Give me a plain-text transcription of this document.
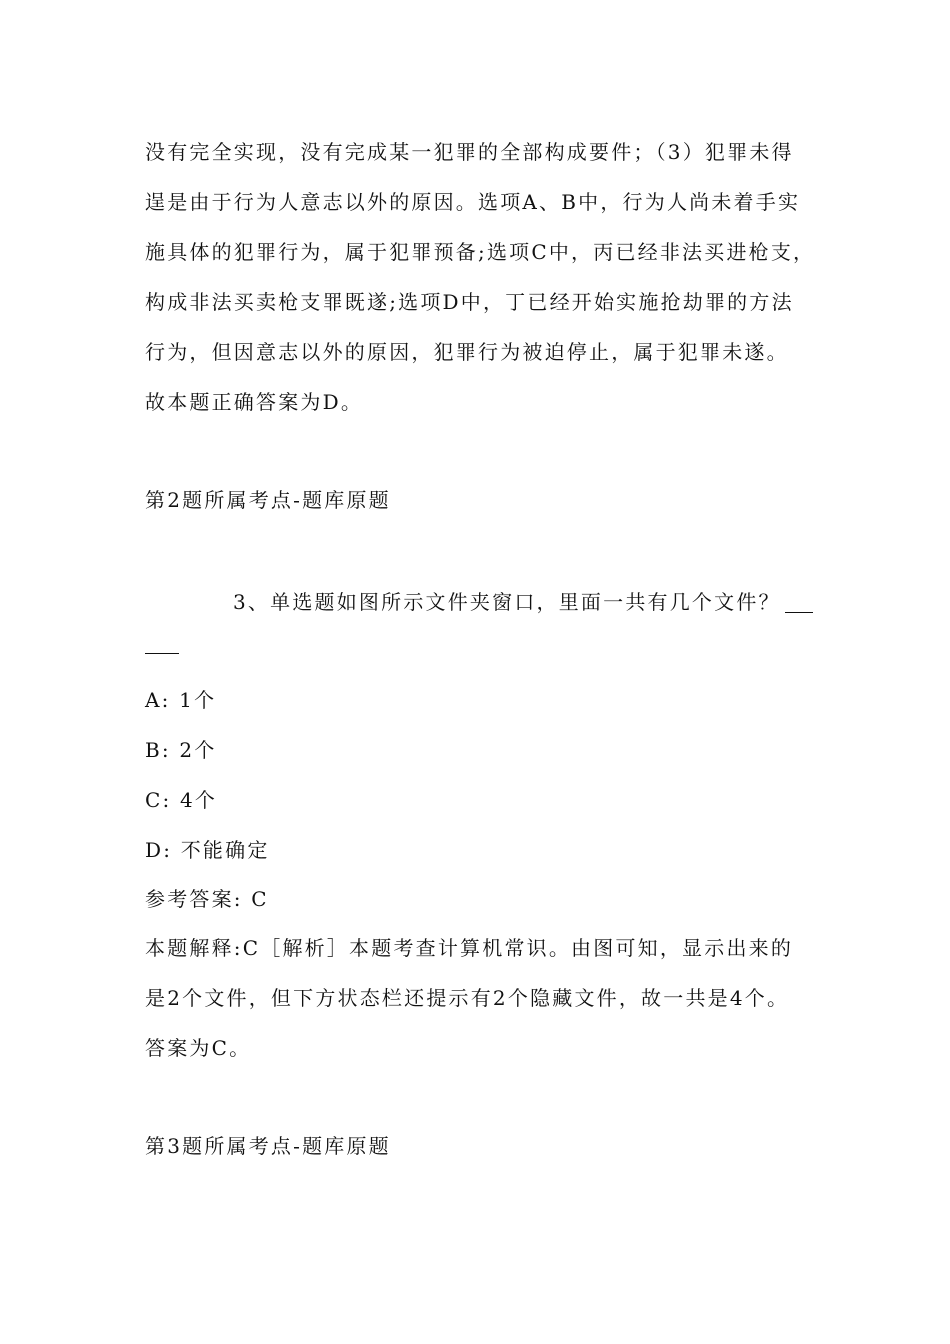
没有完全实现，没有完成某一犯罪的全部构成要件；（3）犯罪未得
逞是由于行为人意志以外的原因。选项A、B中，行为人尚未着手实
施具体的犯罪行为，属于犯罪预备;选项C中，丙已经非法买进枪支，
构成非法买卖枪支罪既遂;选项D中，丁已经开始实施抢劫罪的方法
行为，但因意志以外的原因，犯罪行为被迫停止，属于犯罪未遂。
故本题正确答案为D。
第2题所属考点-题库原题
3、单选题如图所示文件夹窗口，里面一共有几个文件？
A: 1个
B: 2个
C: 4个
D: 不能确定
参考答案: C
本题解释:C［解析］本题考查计算机常识。由图可知，显示出来的
是2个文件，但下方状态栏还提示有2个隐藏文件，故一共是4个。
答案为C。
第3题所属考点-题库原题
